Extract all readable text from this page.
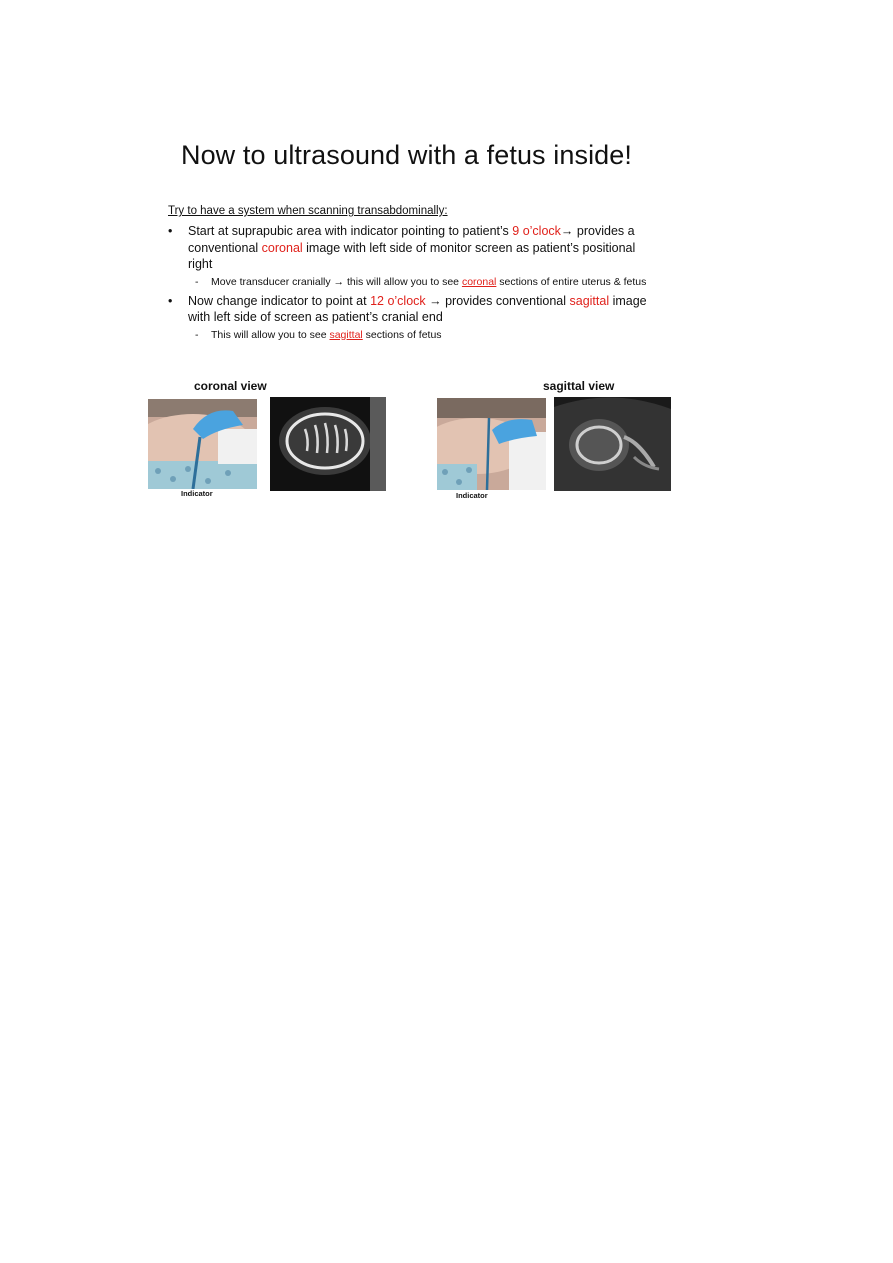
Now to ultrasound with a fetus inside!
Try to have a system when scanning transabdominally:
• Start at suprapubic area with indicator pointing to patient’s 9 o’clock→ provides a conventional coronal image with left side of monitor screen as patient’s positional right
- Move transducer cranially → this will allow you to see coronal sections of entire uterus & fetus
• Now change indicator to point at 12 o’clock → provides conventional sagittal image with left side of screen as patient’s cranial end
- This will allow you to see sagittal sections of fetus
coronal view	sagittal view
Indicator	Indicator
